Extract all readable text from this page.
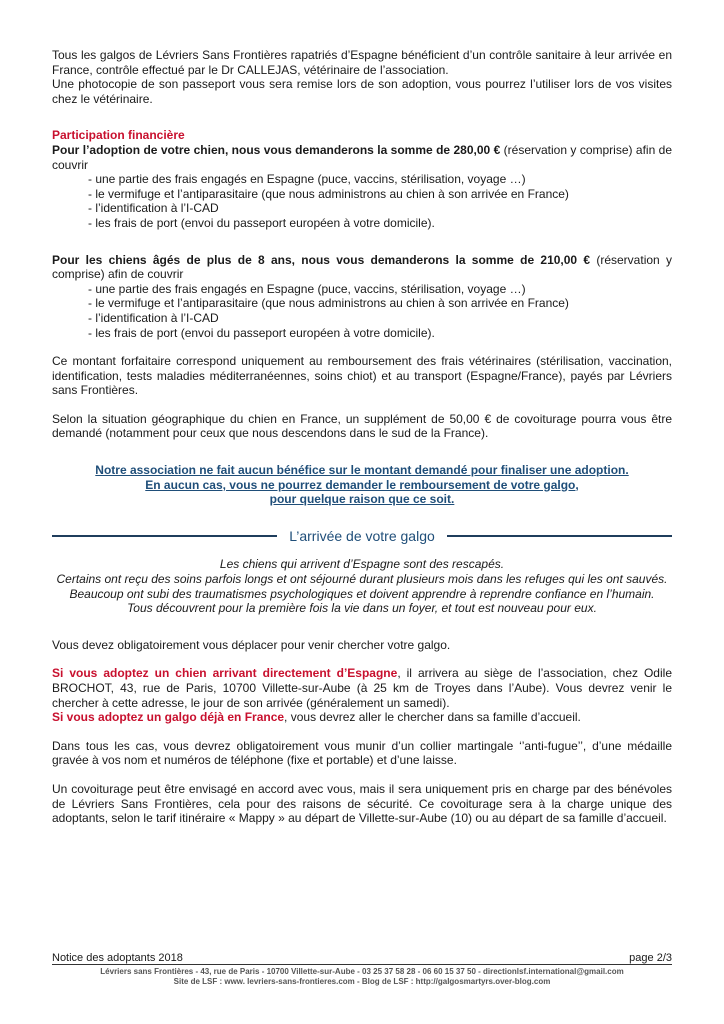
Tous les galgos de Lévriers Sans Frontières rapatriés d’Espagne bénéficient d’un contrôle sanitaire à leur arrivée en France, contrôle effectué par le Dr CALLEJAS, vétérinaire de l’association.

Une photocopie de son passeport vous sera remise lors de son adoption, vous pourrez l’utiliser lors de vos visites chez le vétérinaire.

Participation financière

Pour l’adoption de votre chien, nous vous demanderons la somme de 280,00 € (réservation y comprise) afin de couvrir

- une partie des frais engagés en Espagne (puce, vaccins, stérilisation, voyage …)
- le vermifuge et l’antiparasitaire (que nous administrons au chien à son arrivée en France)
- l’identification à l’I-CAD
- les frais de port (envoi du passeport européen à votre domicile).

Pour les chiens âgés de plus de 8 ans, nous vous demanderons la somme de 210,00 € (réservation y comprise) afin de couvrir

- une partie des frais engagés en Espagne (puce, vaccins, stérilisation, voyage …)
- le vermifuge et l’antiparasitaire (que nous administrons au chien à son arrivée en France)
- l’identification à l’I-CAD
- les frais de port (envoi du passeport européen à votre domicile).

Ce montant forfaitaire correspond uniquement au remboursement des frais vétérinaires (stérilisation, vaccination, identification, tests maladies méditerranéennes, soins chiot) et au transport (Espagne/France), payés par Lévriers sans Frontières.

Selon la situation géographique du chien en France, un supplément de 50,00 € de covoiturage pourra vous être demandé (notamment pour ceux que nous descendons dans le sud de la France).

Notre association ne fait aucun bénéfice sur le montant demandé pour finaliser une adoption.

En aucun cas, vous ne pourrez demander le remboursement de votre galgo,

pour quelque raison que ce soit.

L’arrivée de votre galgo

Les chiens qui arrivent d’Espagne sont des rescapés.

Certains ont reçu des soins parfois longs et ont séjourné durant plusieurs mois dans les refuges qui les ont sauvés.

Beaucoup ont subi des traumatismes psychologiques et doivent apprendre à reprendre confiance en l’humain.

Tous découvrent pour la première fois la vie dans un foyer, et tout est nouveau pour eux.

Vous devez obligatoirement vous déplacer pour venir chercher votre galgo.

Si vous adoptez un chien arrivant directement d’Espagne, il arrivera au siège de l’association, chez Odile BROCHOT, 43, rue de Paris, 10700 Villette-sur-Aube (à 25 km de Troyes dans l’Aube). Vous devrez venir le chercher à cette adresse, le jour de son arrivée (généralement un samedi).

Si vous adoptez un galgo déjà en France, vous devrez aller le chercher dans sa famille d’accueil.

Dans tous les cas, vous devrez obligatoirement vous munir d’un collier martingale ‘’anti-fugue’’, d’une médaille gravée à vos nom et numéros de téléphone (fixe et portable) et d’une laisse.

Un covoiturage peut être envisagé en accord avec vous, mais il sera uniquement pris en charge par des bénévoles de Lévriers Sans Frontières, cela pour des raisons de sécurité. Ce covoiturage sera à la charge unique des adoptants, selon le tarif itinéraire « Mappy » au départ de Villette-sur-Aube (10) ou au départ de sa famille d’accueil.

Notice des adoptants 2018	page 2/3
Lévriers sans Frontières - 43, rue de Paris - 10700 Villette-sur-Aube - 03 25 37 58 28 - 06 60 15 37 50 - directionlsf.international@gmail.com
Site de LSF : www. levriers-sans-frontieres.com - Blog de LSF : http://galgosmartyrs.over-blog.com
